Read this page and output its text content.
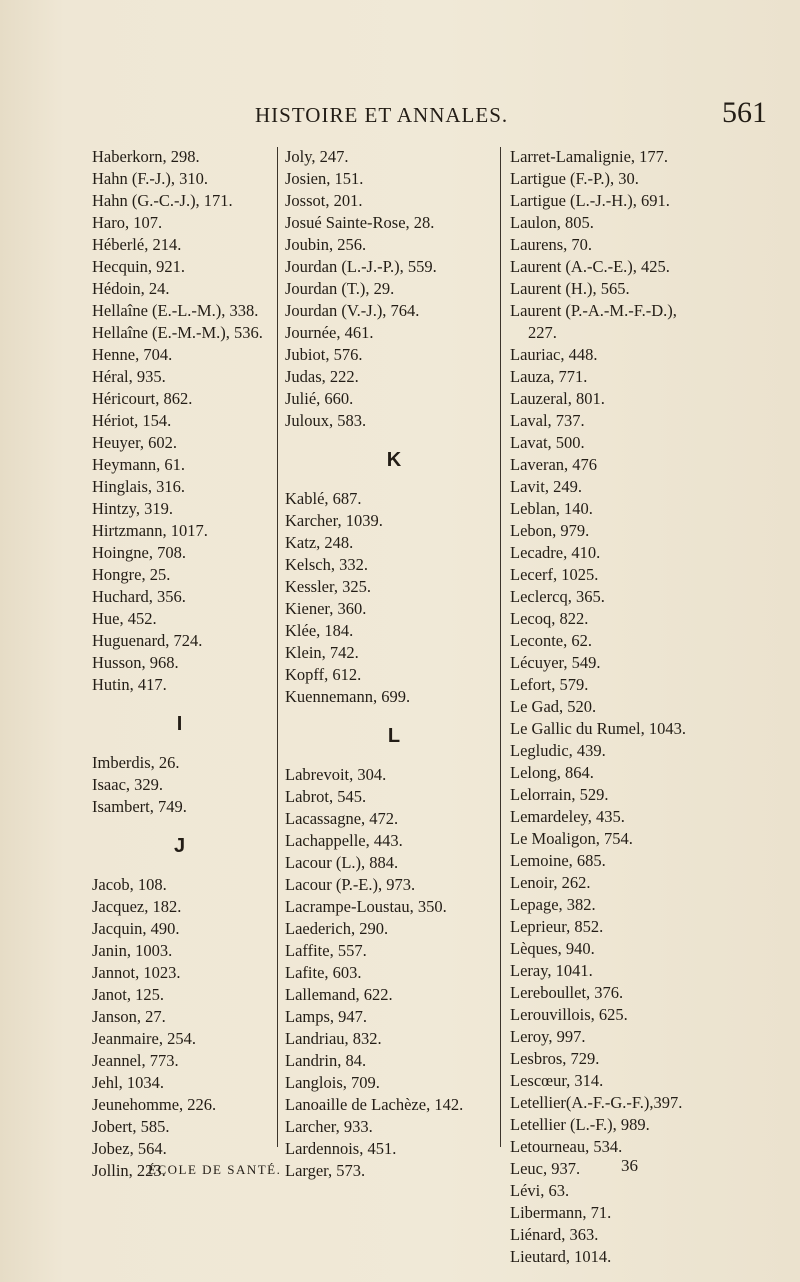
HISTOIRE ET ANNALES.	561
Haberkorn, 298.
Hahn (F.-J.), 310.
Hahn (G.-C.-J.), 171.
Haro, 107.
Héberlé, 214.
Hecquin, 921.
Hédoin, 24.
Hellaîne (E.-L.-M.), 338.
Hellaîne (E.-M.-M.), 536.
Henne, 704.
Héral, 935.
Héricourt, 862.
Hériot, 154.
Heuyer, 602.
Heymann, 61.
Hinglais, 316.
Hintzy, 319.
Hirtzmann, 1017.
Hoingne, 708.
Hongre, 25.
Huchard, 356.
Hue, 452.
Huguenard, 724.
Husson, 968.
Hutin, 417.
I
Imberdis, 26.
Isaac, 329.
Isambert, 749.
J
Jacob, 108.
Jacquez, 182.
Jacquin, 490.
Janin, 1003.
Jannot, 1023.
Janot, 125.
Janson, 27.
Jeanmaire, 254.
Jeannel, 773.
Jehl, 1034.
Jeunehomme, 226.
Jobert, 585.
Jobez, 564.
Jollin, 223.
Joly, 247.
Josien, 151.
Jossot, 201.
Josué Sainte-Rose, 28.
Joubin, 256.
Jourdan (L.-J.-P.), 559.
Jourdan (T.), 29.
Jourdan (V.-J.), 764.
Journée, 461.
Jubiot, 576.
Judas, 222.
Julié, 660.
Juloux, 583.
K
Kablé, 687.
Karcher, 1039.
Katz, 248.
Kelsch, 332.
Kessler, 325.
Kiener, 360.
Klée, 184.
Klein, 742.
Kopff, 612.
Kuennemann, 699.
L
Labrevoit, 304.
Labrot, 545.
Lacassagne, 472.
Lachappelle, 443.
Lacour (L.), 884.
Lacour (P.-E.), 973.
Lacrampe-Loustau, 350.
Laederich, 290.
Laffite, 557.
Lafite, 603.
Lallemand, 622.
Lamps, 947.
Landriau, 832.
Landrin, 84.
Langlois, 709.
Lanoaille de Lachèze, 142.
Larcher, 933.
Lardennois, 451.
Larger, 573.
Larret-Lamalignie, 177.
Lartigue (F.-P.), 30.
Lartigue (L.-J.-H.), 691.
Laulon, 805.
Laurens, 70.
Laurent (A.-C.-E.), 425.
Laurent (H.), 565.
Laurent (P.-A.-M.-F.-D.),
227.
Lauriac, 448.
Lauza, 771.
Lauzeral, 801.
Laval, 737.
Lavat, 500.
Laveran, 476
Lavit, 249.
Leblan, 140.
Lebon, 979.
Lecadre, 410.
Lecerf, 1025.
Leclercq, 365.
Lecoq, 822.
Leconte, 62.
Lécuyer, 549.
Lefort, 579.
Le Gad, 520.
Le Gallic du Rumel, 1043.
Legludic, 439.
Lelong, 864.
Lelorrain, 529.
Lemardeley, 435.
Le Moaligon, 754.
Lemoine, 685.
Lenoir, 262.
Lepage, 382.
Leprieur, 852.
Lèques, 940.
Leray, 1041.
Lereboullet, 376.
Lerouvillois, 625.
Leroy, 997.
Lesbros, 729.
Lescœur, 314.
Letellier(A.-F.-G.-F.),397.
Letellier (L.-F.), 989.
Letourneau, 534.
Leuc, 937.
Lévi, 63.
Libermann, 71.
Liénard, 363.
Lieutard, 1014.
ÉCOLE DE SANTÉ.	36
